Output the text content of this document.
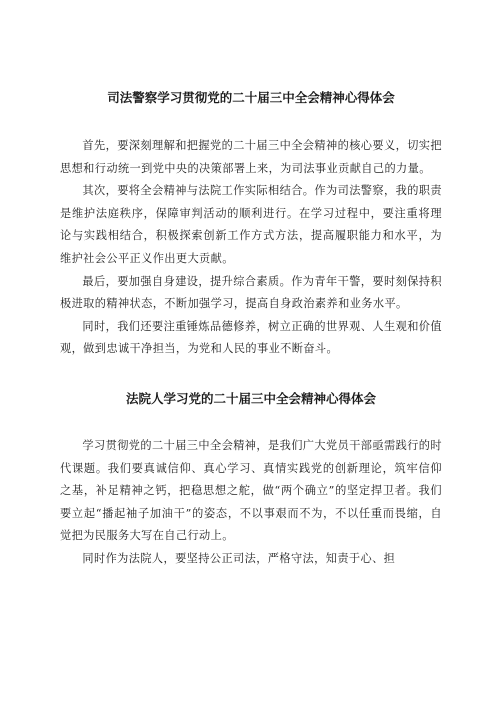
司法警察学习贯彻党的二十届三中全会精神心得体会

首先，要深刻理解和把握党的二十届三中全会精神的核心要义，切实把思想和行动统一到党中央的决策部署上来，为司法事业贡献自己的力量。

其次，要将全会精神与法院工作实际相结合。作为司法警察，我的职责是维护法庭秩序，保障审判活动的顺利进行。在学习过程中，要注重将理论与实践相结合，积极探索创新工作方式方法，提高履职能力和水平，为维护社会公平正义作出更大贡献。

最后，要加强自身建设，提升综合素质。作为青年干警，要时刻保持积极进取的精神状态，不断加强学习，提高自身政治素养和业务水平。

同时，我们还要注重锤炼品德修养，树立正确的世界观、人生观和价值观，做到忠诚干净担当，为党和人民的事业不断奋斗。

法院人学习党的二十届三中全会精神心得体会

学习贯彻党的二十届三中全会精神，是我们广大党员干部亟需践行的时代课题。我们要真诚信仰、真心学习、真情实践党的创新理论，筑牢信仰之基，补足精神之钙，把稳思想之舵，做“两个确立”的坚定捍卫者。我们要立起“播起袖子加油干”的姿态，不以事艰而不为，不以任重而畏缩，自觉把为民服务大写在自己行动上。

同时作为法院人，要坚持公正司法，严格守法，知责于心、担
